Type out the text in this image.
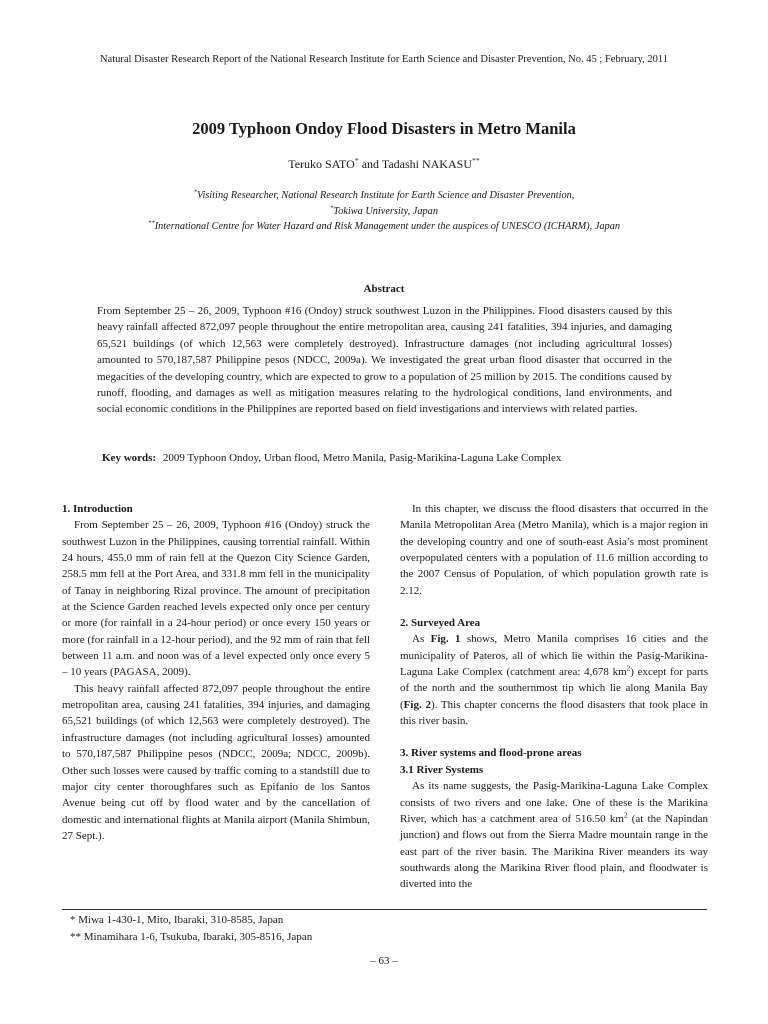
Natural Disaster Research Report of the National Research Institute for Earth Science and Disaster Prevention, No. 45 ; February, 2011
2009 Typhoon Ondoy Flood Disasters in Metro Manila
Teruko SATO* and Tadashi NAKASU**
*Visiting Researcher, National Research Institute for Earth Science and Disaster Prevention,
*Tokiwa University, Japan
**International Centre for Water Hazard and Risk Management under the auspices of UNESCO (ICHARM), Japan
Abstract

From September 25 – 26, 2009, Typhoon #16 (Ondoy) struck southwest Luzon in the Philippines. Flood disasters caused by this heavy rainfall affected 872,097 people throughout the entire metropolitan area, causing 241 fatalities, 394 injuries, and damaging 65,521 buildings (of which 12,563 were completely destroyed). Infrastructure damages (not including agricultural losses) amounted to 570,187,587 Philippine pesos (NDCC, 2009a). We investigated the great urban flood disaster that occurred in the megacities of the developing country, which are expected to grow to a population of 25 million by 2015. The conditions caused by runoff, flooding, and damages as well as mitigation measures relating to the hydrological conditions, land environments, and social economic conditions in the Philippines are reported based on field investigations and interviews with related parties.

Key words: 2009 Typhoon Ondoy, Urban flood, Metro Manila, Pasig-Marikina-Laguna Lake Complex
1. Introduction

From September 25 – 26, 2009, Typhoon #16 (Ondoy) struck the southwest Luzon in the Philippines, causing torrential rainfall. Within 24 hours, 455.0 mm of rain fell at the Quezon City Science Garden, 258.5 mm fell at the Port Area, and 331.8 mm fell in the municipality of Tanay in neighboring Rizal province. The amount of precipitation at the Science Garden reached levels expected only once per century or more (for rainfall in a 24-hour period) or once every 150 years or more (for rainfall in a 12-hour period), and the 92 mm of rain that fell between 11 a.m. and noon was of a level expected only once every 5 – 10 years (PAGASA, 2009).

This heavy rainfall affected 872,097 people throughout the entire metropolitan area, causing 241 fatalities, 394 injuries, and damaging 65,521 buildings (of which 12,563 were completely destroyed). The infrastructure damages (not including agricultural losses) amounted to 570,187,587 Philippine pesos (NDCC, 2009a; NDCC, 2009b). Other such losses were caused by traffic coming to a standstill due to major city center thoroughfares such as Epifanio de los Santos Avenue being cut off by flood water and by the cancellation of domestic and international flights at Manila airport (Manila Shimbun, 27 Sept.).

In this chapter, we discuss the flood disasters that occurred in the Manila Metropolitan Area (Metro Manila), which is a major region in the developing country and one of south-east Asia’s most prominent overpopulated centers with a population of 11.6 million according to the 2007 Census of Population, of which population growth rate is 2.12.

2. Surveyed Area

As Fig. 1 shows, Metro Manila comprises 16 cities and the municipality of Pateros, all of which lie within the Pasig-Marikina-Laguna Lake Complex (catchment area: 4,678 $km^2$) except for parts of the north and the southernmost tip which lie along Manila Bay (Fig. 2). This chapter concerns the flood disasters that took place in this river basin.

3. River systems and flood-prone areas
3.1 River Systems

As its name suggests, the Pasig-Marikina-Laguna Lake Complex consists of two rivers and one lake. One of these is the Marikina River, which has a catchment area of 516.50 $km^2$ (at the Napindan junction) and flows out from the Sierra Madre mountain range in the east part of the river basin. The Marikina River meanders its way southwards along the Marikina River flood plain, and floodwater is diverted into the

* Miwa 1-430-1, Mito, Ibaraki, 310-8585, Japan
** Minamihara 1-6, Tsukuba, Ibaraki, 305-8516, Japan
– 63 –
